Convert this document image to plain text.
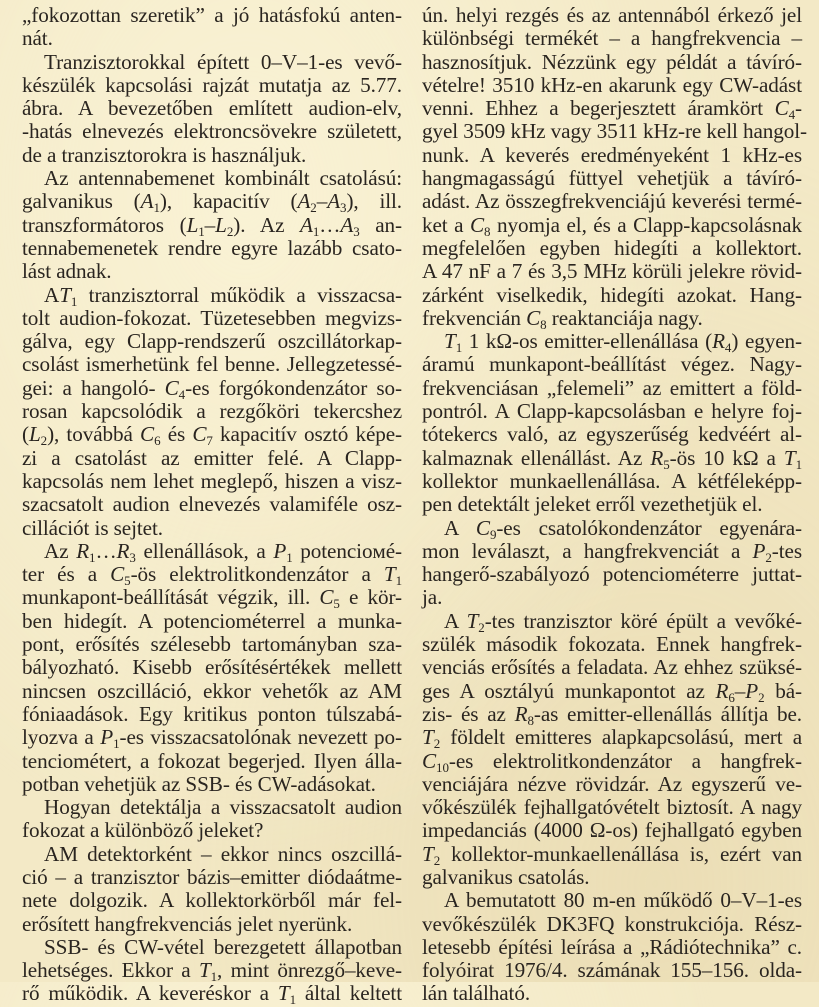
„fokozottan szeretik” a jó hatásfokú anten-
nát.
Tranzisztorokkal épített 0–V–1-es vevő-
készülék kapcsolási rajzát mutatja az 5.77.
ábra. A bevezetőben említett audion-elv,
-hatás elnevezés elektroncsövekre született,
de a tranzisztorokra is használjuk.
Az antennabemenet kombinált csatolású:
galvanikus $(A_1)$, kapacitív $(A_2-A_3)$, ill.
transzformátoros $(L_1-L_2)$. Az $A_1\dots A_3$ an-
tennabemenetek rendre egyre lazább csato-
lást adnak.
$AT_1$ tranzisztorral működik a visszacsa-
tolt audion-fokozat. Tüzetesebben megvizs-
gálva, egy Clapp-rendszerű oszcillátorkap-
csolást ismerhetünk fel benne. Jellegzetessé-
gei: a hangoló- $C_4-es$ forgókondenzátor so-
rosan kapcsolódik a rezgőköri tekercshez
$(L_2)$, továbbá $C_6$ és $C_7$ kapacitív osztó képe-
zi a csatolást az emitter felé. A Clapp-
kapcsolás nem lehet meglepő, hiszen a visz-
szacsatolt audion elnevezés valamiféle osz-
cillációt is sejtet.
Az $R_1\dots R_3$ ellenállások, a $P_1$ potencioмé-
ter és a $C_5-ös$ elektrolitkondenzátor a $T_1$
munkapont-beállítását végzik, ill. $C_5$ e kör-
ben hidegít. A potenciométerrel a munka-
pont, erősítés szélesebb tartományban sza-
bályozható. Kisebb erősítésértékek mellett
nincsen oszcilláció, ekkor vehetők az AM
fóniaadások. Egy kritikus ponton túlszabá-
lyozva a $P_1-es$ visszacsatolónak nevezett po-
tenciométert, a fokozat begerjed. Ilyen álla-
potban vehetjük az SSB- és CW-adásokat.
Hogyan detektálja a visszacsatolt audion
fokozat a különböző jeleket?
AM detektorként – ekkor nincs oszcillá-
ció – a tranzisztor bázis–emitter diódaátme-
nete dolgozik. A kollektorkörből már fel-
erősített hangfrekvenciás jelet nyerünk.
SSB- és CW-vétel berezgetett állapotban
lehetséges. Ekkor a $T_1$, mint önrezgő–keve-
rő működik. A keveréskor a $T_1$ által keltett
ún. helyi rezgés és az antennából érkező jel
különbségi termékét – a hangfrekvencia –
hasznosítjuk. Nézzünk egy példát a távíró-
vételre! 3510 kHz-en akarunk egy CW-adást
venni. Ehhez a begerjesztett áramkört $C_4-$
gyel 3509 kHz vagy 3511 kHz-re kell hangol-
nunk. A keverés eredményeként 1 kHz-es
hangmagasságú füttyel vehetjük a távíró-
adást. Az összegfrekvenciájú keverési termé-
ket a $C_8$ nyomja el, és a Clapp-kapcsolásnak
megfelelően egyben hidegíti a kollektort.
A 47 nF a 7 és 3,5 MHz körüli jelekre rövid-
zárként viselkedik, hidegíti azokat. Hang-
frekvencián $C_8$ reaktanciája nagy.
$T_1$ 1 kΩ-os emitter-ellenállása $(R_4)$ egyen-
áramú munkapont-beállítást végez. Nagy-
frekvenciásan „felemeli” az emittert a föld-
pontról. A Clapp-kapcsolásban e helyre foj-
tótekercs való, az egyszerűség kedvéért al-
kalmaznak ellenállást. Az $R_5-ös$ 10 kΩ a $T_1$
kollektor munkaellenállása. A kétféleképp-
pen detektált jeleket erről vezethetjük el.
A $C_9-es$ csatolókondenzátor egyenára-
mon leválaszt, a hangfrekvenciát a $P_2$-tes
hangerő-szabályozó potenciométerre juttat-
ja.
A $T_2$-tes tranzisztor köré épült a vevőké-
szülék második fokozata. Ennek hangfrek-
venciás erősítés a feladata. Az ehhez szüksé-
ges A osztályú munkapontot az $R_6-P_2$ bá-
zis- és az $R_8-as$ emitter-ellenállás állítja be.
$T_2$ földelt emitteres alapkapcsolású, mert a
$C_{10}-es$ elektrolitkondenzátor a hangfrek-
venciájára nézve rövidzár. Az egyszerű ve-
vőkészülék fejhallgatóvételt biztosít. A nagy
impedanciás (4000 Ω-os) fejhallgató egyben
$T_2$ kollektor-munkaellenállása is, ezért van
galvanikus csatolás.
A bemutatott 80 m-en működő 0–V–1-es
vevőkészülék DK3FQ konstrukciója. Rész-
letesebb építési leírása a „Rádiótechnika” c.
folyóirat 1976/4. számának 155–156. olda-
lán található.
